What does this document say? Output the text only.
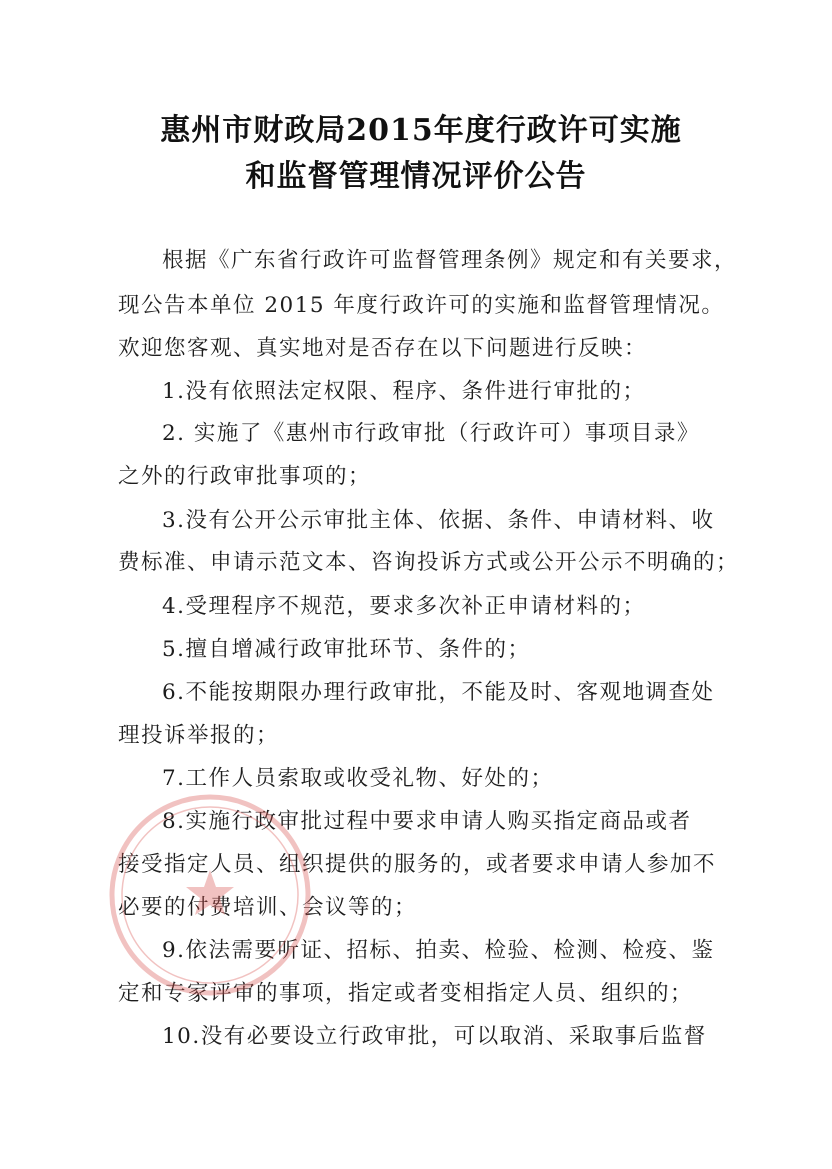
惠州市财政局2015年度行政许可实施
和监督管理情况评价公告
根据《广东省行政许可监督管理条例》规定和有关要求，
现公告本单位 2015 年度行政许可的实施和监督管理情况。
欢迎您客观、真实地对是否存在以下问题进行反映：
1.没有依照法定权限、程序、条件进行审批的；
2. 实施了《惠州市行政审批（行政许可）事项目录》
之外的行政审批事项的；
3.没有公开公示审批主体、依据、条件、申请材料、收
费标准、申请示范文本、咨询投诉方式或公开公示不明确的；
4.受理程序不规范，要求多次补正申请材料的；
5.擅自增减行政审批环节、条件的；
6.不能按期限办理行政审批，不能及时、客观地调查处
理投诉举报的；
7.工作人员索取或收受礼物、好处的；
8.实施行政审批过程中要求申请人购买指定商品或者
接受指定人员、组织提供的服务的，或者要求申请人参加不
必要的付费培训、会议等的；
9.依法需要听证、招标、拍卖、检验、检测、检疫、鉴
定和专家评审的事项，指定或者变相指定人员、组织的；
10.没有必要设立行政审批，可以取消、采取事后监督
